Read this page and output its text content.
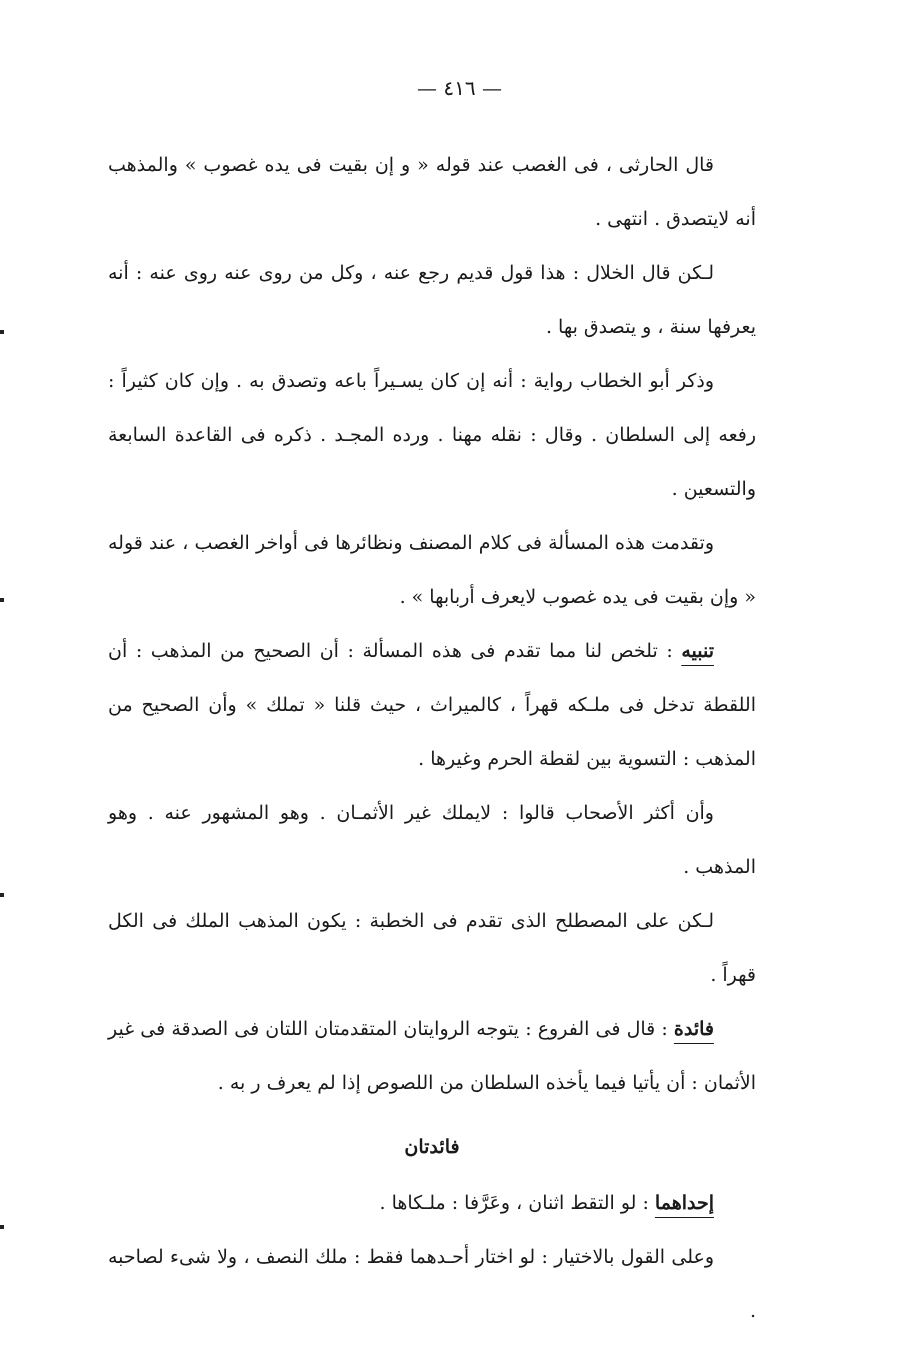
— ٤١٦ —

قال الحارثى ، فى الغصب عند قوله « و إن بقيت فى يده غصوب » والمذهب أنه لايتصدق . انتهى .

لـكن قال الخلال : هذا قول قديم رجع عنه ، وكل من روى عنه روى عنه : أنه يعرفها سنة ، و يتصدق بها .

وذكر أبو الخطاب رواية : أنه إن كان يسـيراً باعه وتصدق به . وإن كان كثيراً : رفعه إلى السلطان . وقال : نقله مهنا . ورده المجـد . ذكره فى القاعدة السابعة والتسعين .

وتقدمت هذه المسألة فى كلام المصنف ونظائرها فى أواخر الغصب ، عند قوله « وإن بقيت فى يده غصوب لايعرف أربابها » .

تنبيه : تلخص لنا مما تقدم فى هذه المسألة : أن الصحيح من المذهب : أن اللقطة تدخل فى ملـكه قهراً ، كالميراث ، حيث قلنا « تملك » وأن الصحيح من المذهب : التسوية بين لقطة الحرم وغيرها .

وأن أكثر الأصحاب قالوا : لايملك غير الأثمـان . وهو المشهور عنه . وهو المذهب .

لـكن على المصطلح الذى تقدم فى الخطبة : يكون المذهب الملك فى الكل قهراً .

فائدة : قال فى الفروع : يتوجه الروايتان المتقدمتان اللتان فى الصدقة فى غير الأثمان : أن يأتيا فيما يأخذه السلطان من اللصوص إذا لم يعرف ر به .

فائدتان

إحداهما : لو التقط اثنان ، وعَرَّفا : ملـكاها .

وعلى القول بالاختيار : لو اختار أحـدهما فقط : ملك النصف ، ولا شىء لصاحبه .
